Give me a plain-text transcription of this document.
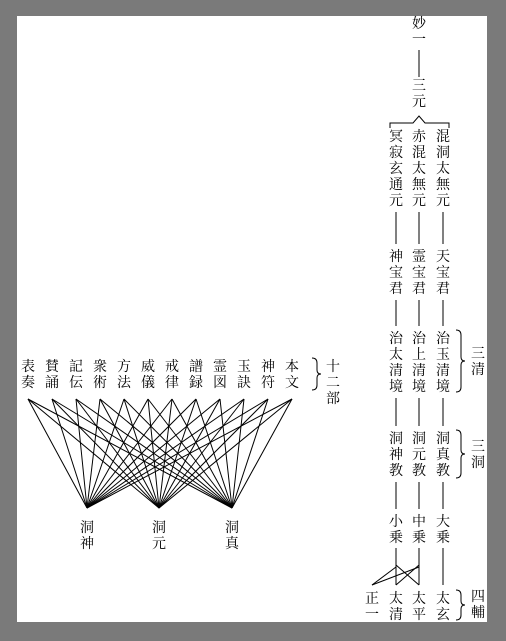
妙一
三元
混洞太無元
天宝君
治玉清境
洞真教
大乗
赤混太無元
霊宝君
治上清境
洞元教
中乗
冥寂玄通元
神宝君
治太清境
洞神教
小乗
三清
三洞
太玄
太平
太清
正一
四輔
本文
神符
玉訣
霊図
譜録
戒律
威儀
方法
衆術
記伝
賛誦
表奏
十二部
洞真
洞元
洞神
